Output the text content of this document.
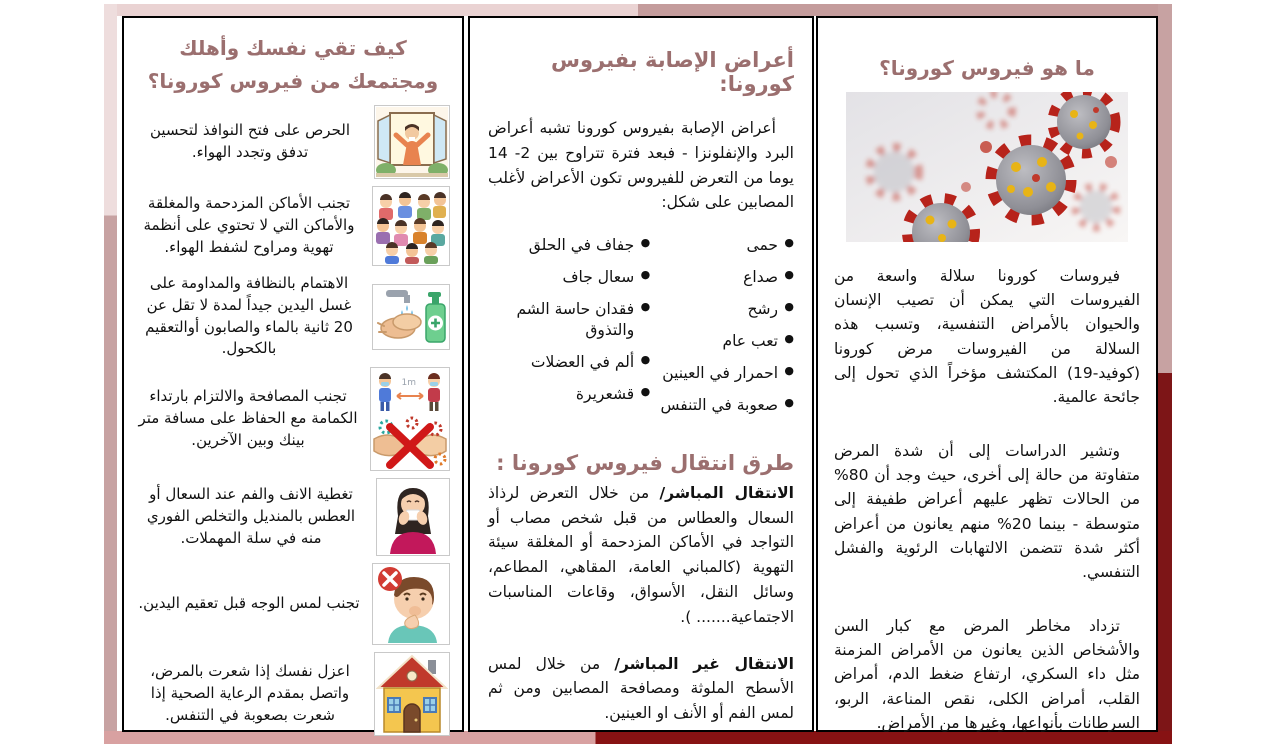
ما هو فيروس كورونا؟

فيروسات كورونا سلالة واسعة من الفيروسات التي يمكن أن تصيب الإنسان والحيوان بالأمراض التنفسية، وتسبب هذه السلالة من الفيروسات مرض كورونا (كوفيد-19) المكتشف مؤخراً الذي تحول إلى جائحة عالمية.

وتشير الدراسات إلى أن شدة المرض متفاوتة من حالة إلى أخرى، حيث وجد أن 80% من الحالات تظهر عليهم أعراض طفيفة إلى متوسطة - بينما 20% منهم يعانون من أعراض أكثر شدة تتضمن الالتهابات الرئوية والفشل التنفسي.

تزداد مخاطر المرض مع كبار السن والأشخاص الذين يعانون من الأمراض المزمنة مثل داء السكري، ارتفاع ضغط الدم، أمراض القلب، أمراض الكلى، نقص المناعة، الربو، السرطانات بأنواعها، وغيرها من الأمراض.

أعراض الإصابة بفيروس كورونا:

أعراض الإصابة بفيروس كورونا تشبه أعراض البرد والإنفلونزا - فبعد فترة تتراوح بين 2- 14 يوما من التعرض للفيروس تكون الأعراض لأغلب المصابين على شكل:

● حمى
● صداع
● رشح
● تعب عام
● احمرار في العينين
● صعوبة في التنفس
● جفاف في الحلق
● سعال جاف
● فقدان حاسة الشم والتذوق
● ألم في العضلات
● قشعريرة
طرق انتقال فيروس كورونا :

الانتقال المباشر/ من خلال التعرض لرذاذ السعال والعطاس من قبل شخص مصاب أو التواجد في الأماكن المزدحمة أو المغلقة سيئة التهوية (كالمباني العامة، المقاهي، المطاعم، وسائل النقل، الأسواق، وقاعات المناسبات الاجتماعية....... ).

الانتقال غير المباشر/ من خلال لمس الأسطح الملوثة ومصافحة المصابين ومن ثم لمس الفم أو الأنف او العينين.

كيف تقي نفسك وأهلك ومجتمعك من فيروس كورونا؟
الحرص على فتح النوافذ لتحسين تدفق وتجدد الهواء.
تجنب الأماكن المزدحمة والمغلقة والأماكن التي لا تحتوي على أنظمة تهوية ومراوح لشفط الهواء.
الاهتمام بالنظافة والمداومة على غسل اليدين جيداً لمدة لا تقل عن 20 ثانية بالماء والصابون أوالتعقيم بالكحول.
1m
تجنب المصافحة والالتزام بارتداء الكمامة مع الحفاظ على مسافة متر بينك وبين الآخرين.
تغطية الانف والفم عند السعال أو العطس بالمنديل والتخلص الفوري منه في سلة المهملات.
تجنب لمس الوجه قبل تعقيم اليدين.
اعزل نفسك إذا شعرت بالمرض، واتصل بمقدم الرعاية الصحية إذا شعرت بصعوبة في التنفس.
